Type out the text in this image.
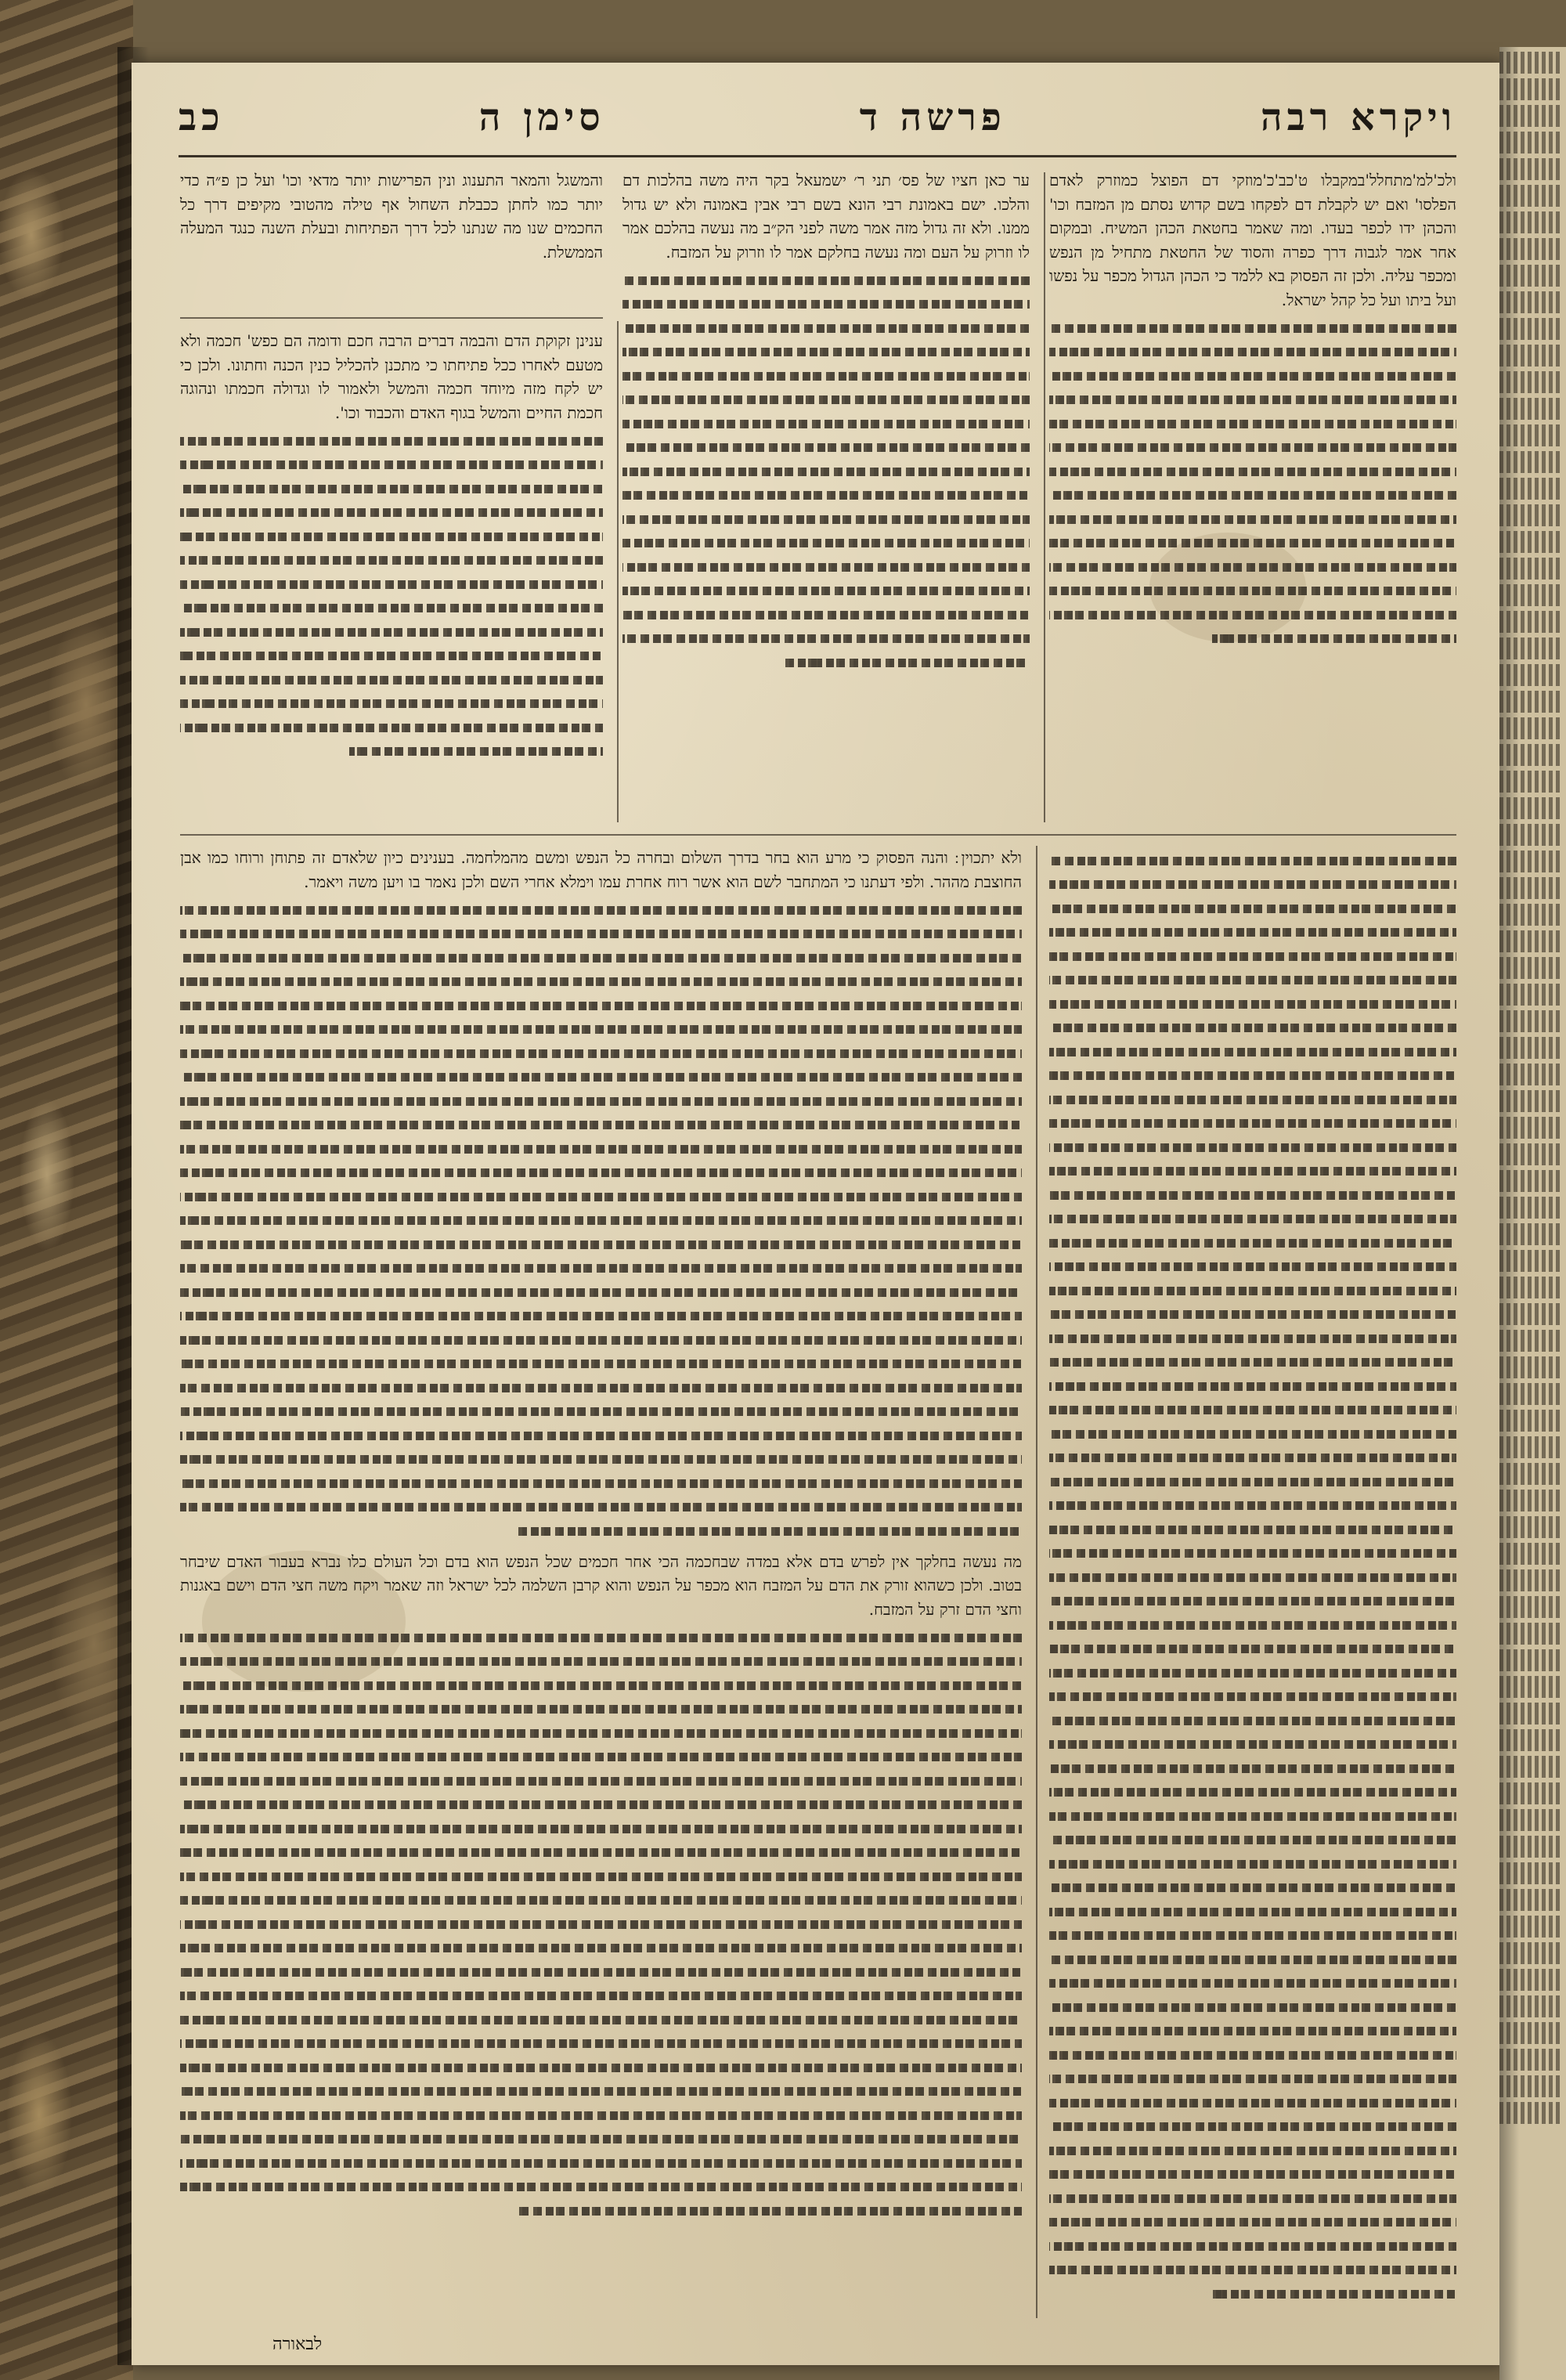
ויקרא רבה
פרשה ד
סימן ה
כב

ולכ'למ'מתחלל'במקבלו ט'כב'כ'מוזקי דם הפוצל כמוזרק לאדם הפלסו' ואם יש לקבלת דם לפקחו בשם קדוש נסתם מן המזבח וכו' והכהן ידו לכפר בעדו. ומה שאמר בחטאת הכהן המשיח. ובמקום אחר אמר לגבוה דרך כפרה והסוד של החטאת מתחיל מן הנפש ומכפר עליה. ולכן זה הפסוק בא ללמד כי הכהן הגדול מכפר על נפשו ועל ביתו ועל כל קהל ישראל.

ער כאן חציו של פס׳ תני ר׳ ישמעאל בקר היה משה בהלכות דם והלכו. ישם באמונת רבי הונא בשם רבי אבין באמונה ולא יש גדול ממנו. ולא זה גדול מזה אמר משה לפני הק״ב מה נעשה בהלכם אמר לו וזרוק על העם ומה נעשה בחלקם אמר לו וזרוק על המזבח.

והמשגל והמאר התענוג ונין הפרישות יותר מדאי וכו' ועל כן פ״ה כדי יותר כמו לחתן ככבלת השחול אף טילה מהטובי מקיפים דרך כל החכמים שנו מה שנתנו לכל דרך הפתיחות ובעלת השנה כנגד המעלה הממשלת.

ענינן זקוקת הדם והבמה דברים הרבה חכם ודומה הם כפש' חכמה ולא מטעם לאחרו ככל פתיחתו כי מתכנן להכליל כנין הכנה וחתונו. ולכן כי יש לקח מזה מיוחד חכמה והמשל ולאמור לו וגדולה חכמתו ונהוגה חכמת החיים והמשל בגוף האדם והכבוד וכו'.

ולא יתכוין ׃ והנה הפסוק כי מרע הוא בחר בדרך השלום ובחרה כל הנפש ומשם מהמלחמה. בענינים כיון שלאדם זה פתוחן ורוחו כמו אבן החוצבת מההר. ולפי דעתנו כי המתחבר לשם הוא אשר רוח אחרת עמו וימלא אחרי השם ולכן נאמר בו ויען משה ויאמר.

מה נעשה בחלקך אין לפרש בדם אלא במדה שבחכמה הכי אחר חכמים שכל הנפש הוא בדם וכל העולם כלו נברא בעבור האדם שיבחר בטוב. ולכן כשהוא זורק את הדם על המזבח הוא מכפר על הנפש והוא קרבן השלמה לכל ישראל וזה שאמר ויקח משה חצי הדם וישם באגנות וחצי הדם זרק על המזבח.

לבאורה
